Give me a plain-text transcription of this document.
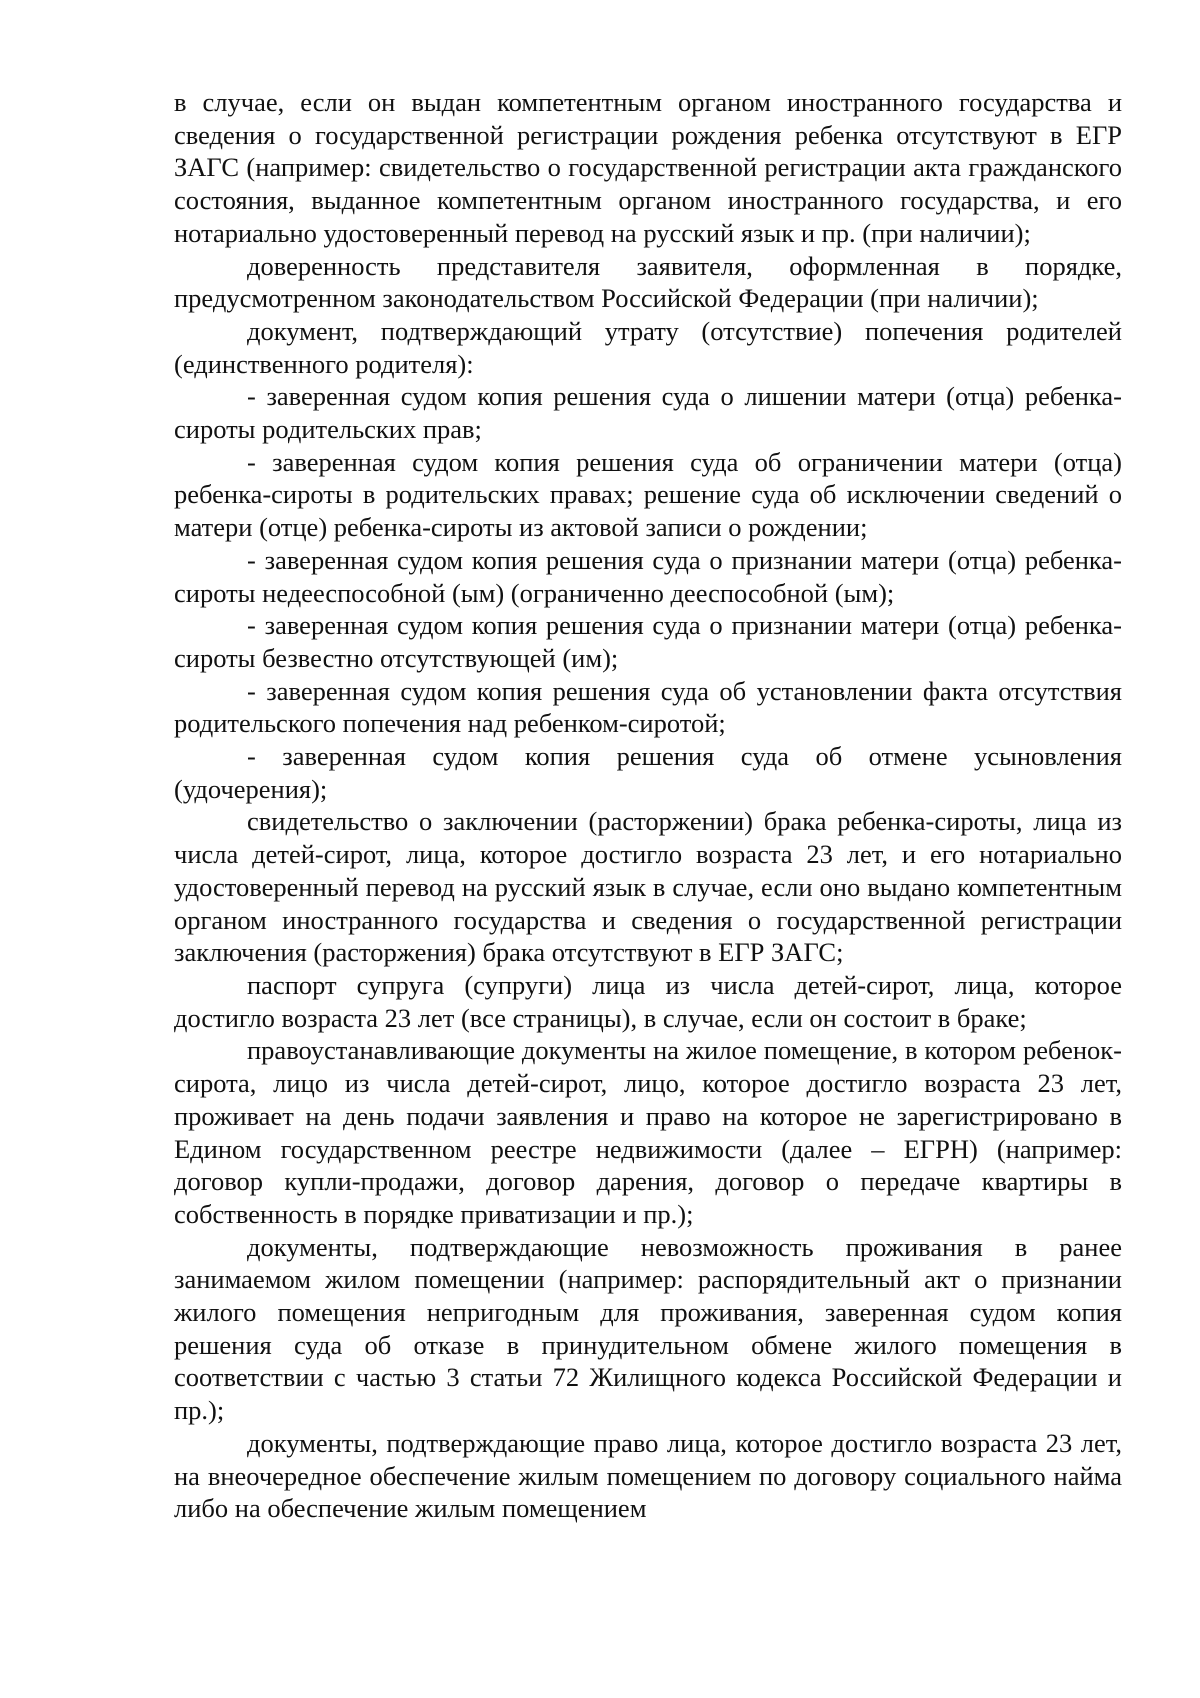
в случае, если он выдан компетентным органом иностранного государства и сведения о государственной регистрации рождения ребенка отсутствуют в ЕГР ЗАГС (например: свидетельство о государственной регистрации акта гражданского состояния, выданное компетентным органом иностранного государства, и его нотариально удостоверенный перевод на русский язык и пр. (при наличии);

доверенность представителя заявителя, оформленная в порядке, предусмотренном законодательством Российской Федерации (при наличии);

документ, подтверждающий утрату (отсутствие) попечения родителей (единственного родителя):

- заверенная судом копия решения суда о лишении матери (отца) ребенка-сироты родительских прав;

- заверенная судом копия решения суда об ограничении матери (отца) ребенка-сироты в родительских правах; решение суда об исключении сведений о матери (отце) ребенка-сироты из актовой записи о рождении;

- заверенная судом копия решения суда о признании матери (отца) ребенка-сироты недееспособной (ым) (ограниченно дееспособной (ым);

- заверенная судом копия решения суда о признании матери (отца) ребенка-сироты безвестно отсутствующей (им);

- заверенная судом копия решения суда об установлении факта отсутствия родительского попечения над ребенком-сиротой;

- заверенная судом копия решения суда об отмене усыновления (удочерения);

свидетельство о заключении (расторжении) брака ребенка-сироты, лица из числа детей-сирот, лица, которое достигло возраста 23 лет, и его нотариально удостоверенный перевод на русский язык в случае, если оно выдано компетентным органом иностранного государства и сведения о государственной регистрации заключения (расторжения) брака отсутствуют в ЕГР ЗАГС;

паспорт супруга (супруги) лица из числа детей-сирот, лица, которое достигло возраста 23 лет (все страницы), в случае, если он состоит в браке;

правоустанавливающие документы на жилое помещение, в котором ребенок-сирота, лицо из числа детей-сирот, лицо, которое достигло возраста 23 лет, проживает на день подачи заявления и право на которое не зарегистрировано в Едином государственном реестре недвижимости (далее – ЕГРН) (например: договор купли-продажи, договор дарения, договор о передаче квартиры в собственность в порядке приватизации и пр.);

документы, подтверждающие невозможность проживания в ранее занимаемом жилом помещении (например: распорядительный акт о признании жилого помещения непригодным для проживания, заверенная судом копия решения суда об отказе в принудительном обмене жилого помещения в соответствии с частью 3 статьи 72 Жилищного кодекса Российской Федерации и пр.);

документы, подтверждающие право лица, которое достигло возраста 23 лет, на внеочередное обеспечение жилым помещением по договору социального найма либо на обеспечение жилым помещением
